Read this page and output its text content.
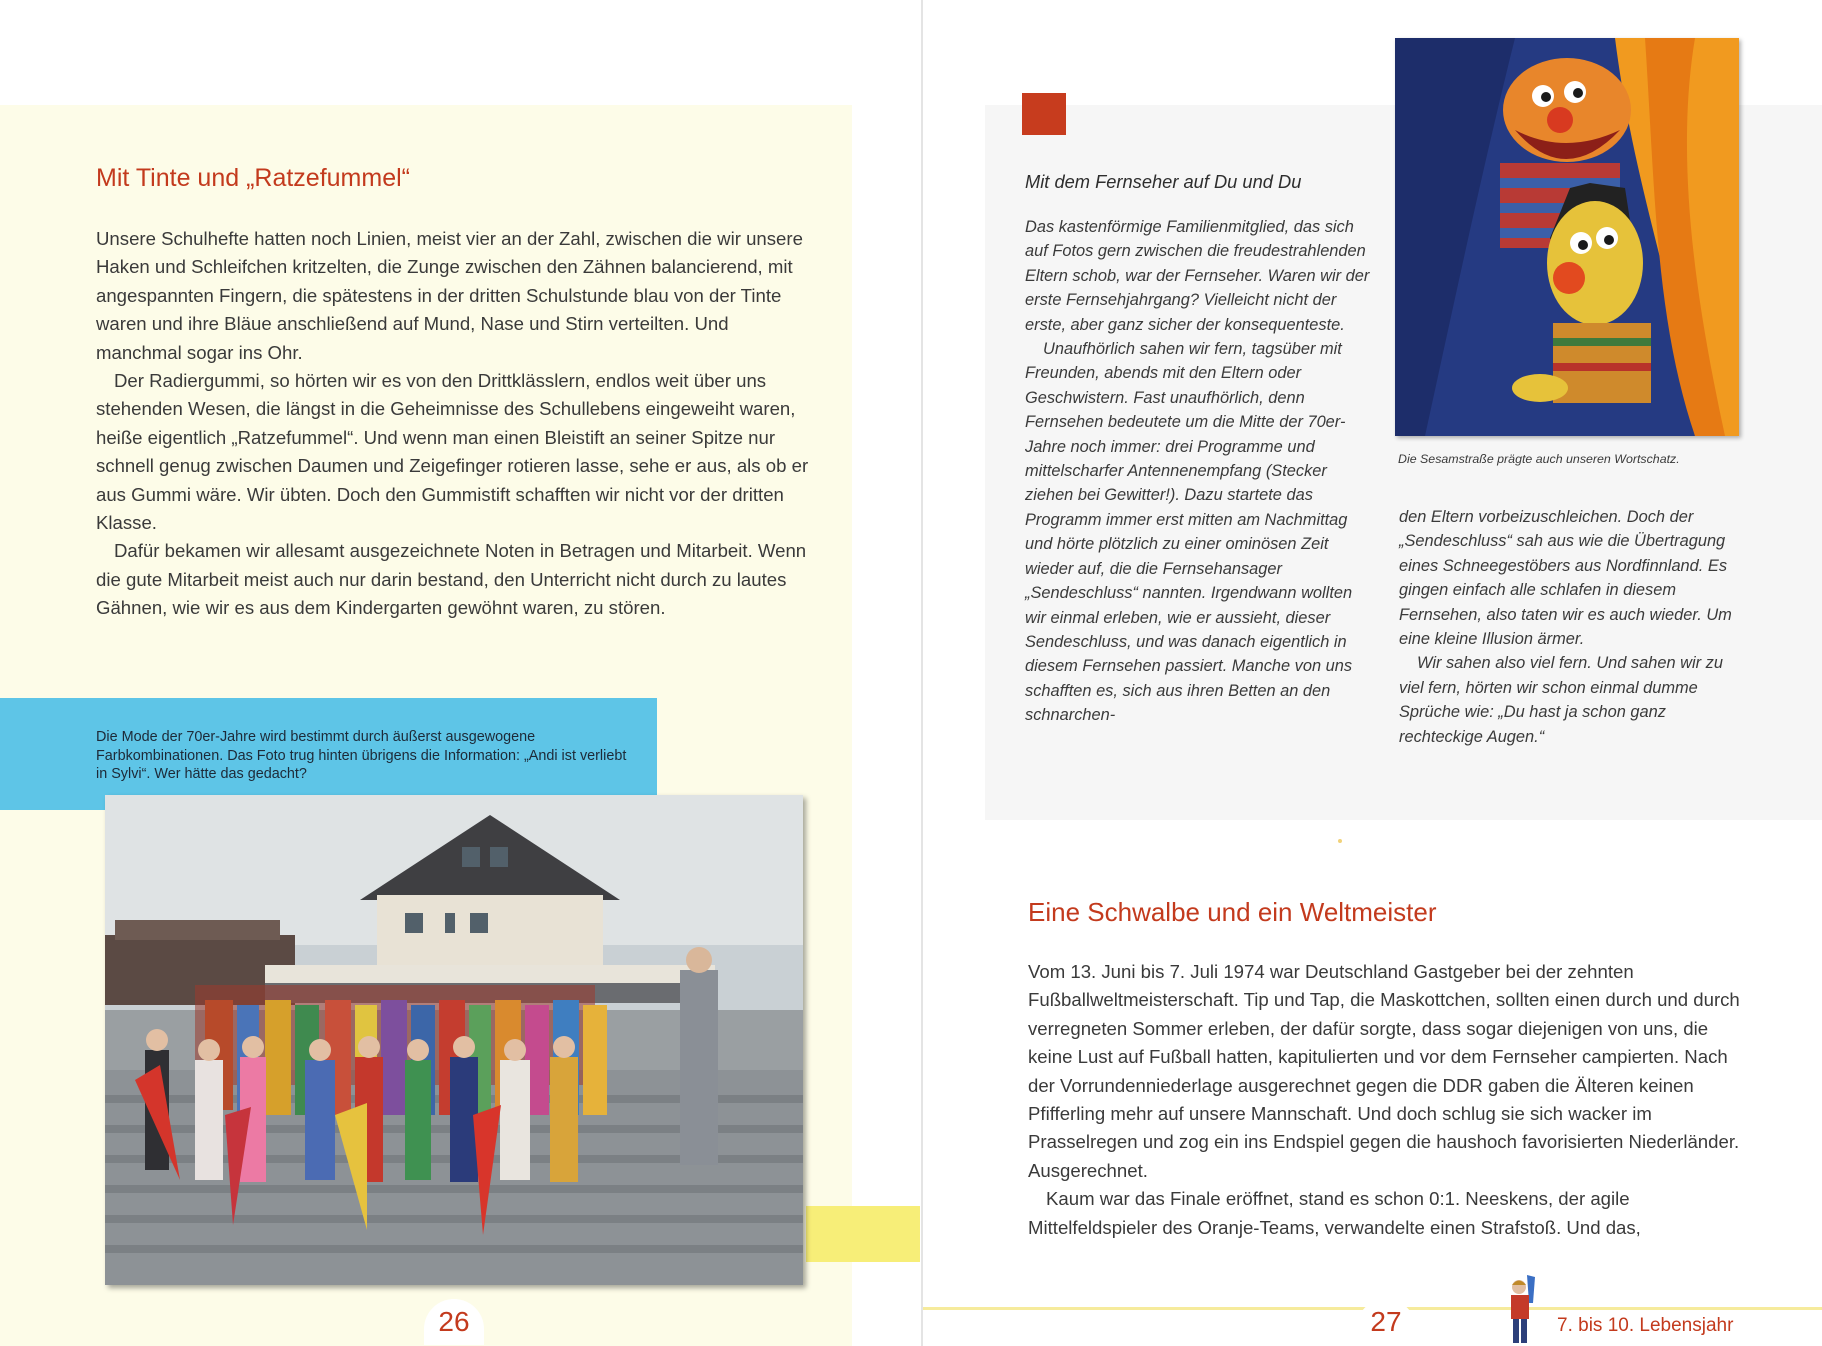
Mit Tinte und „Ratzefummel“

Unsere Schulhefte hatten noch Linien, meist vier an der Zahl, zwischen die wir unsere Haken und Schleifchen kritzelten, die Zunge zwischen den Zähnen balancierend, mit angespannten Fingern, die spätestens in der dritten Schulstunde blau von der Tinte waren und ihre Bläue anschließend auf Mund, Nase und Stirn verteilten. Und manchmal sogar ins Ohr.

Der Radiergummi, so hörten wir es von den Drittklässlern, endlos weit über uns stehenden Wesen, die längst in die Geheimnisse des Schullebens eingeweiht waren, heiße eigentlich „Ratzefummel“. Und wenn man einen Bleistift an seiner Spitze nur schnell genug zwischen Daumen und Zeigefinger rotieren lasse, sehe er aus, als ob er aus Gummi wäre. Wir übten. Doch den Gummistift schafften wir nicht vor der dritten Klasse.

Dafür bekamen wir allesamt ausgezeichnete Noten in Betragen und Mitarbeit. Wenn die gute Mitarbeit meist auch nur darin bestand, den Unterricht nicht durch zu lautes Gähnen, wie wir es aus dem Kindergarten gewöhnt waren, zu stören.

Die Mode der 70er-Jahre wird bestimmt durch äußerst ausgewogene Farbkombinationen. Das Foto trug hinten übrigens die Information: „Andi ist verliebt in Sylvi“. Wer hätte das gedacht?
Mit dem Fernseher auf Du und Du

Das kastenförmige Familienmitglied, das sich auf Fotos gern zwischen die freudestrahlenden Eltern schob, war der Fernseher. Waren wir der erste Fernsehjahrgang? Vielleicht nicht der erste, aber ganz sicher der konsequenteste.

Unaufhörlich sahen wir fern, tagsüber mit Freunden, abends mit den Eltern oder Geschwistern. Fast unaufhörlich, denn Fernsehen bedeutete um die Mitte der 70er-Jahre noch immer: drei Programme und mittelscharfer Antennenempfang (Stecker ziehen bei Gewitter!). Dazu startete das Programm immer erst mitten am Nachmittag und hörte plötzlich zu einer ominösen Zeit wieder auf, die die Fernsehansager „Sendeschluss“ nannten. Irgendwann wollten wir einmal erleben, wie er aussieht, dieser Sendeschluss, und was danach eigentlich in diesem Fernsehen passiert. Manche von uns schafften es, sich aus ihren Betten an den schnarchen-

den Eltern vorbeizuschleichen. Doch der „Sendeschluss“ sah aus wie die Übertragung eines Schneegestöbers aus Nordfinnland. Es gingen einfach alle schlafen in diesem Fernsehen, also taten wir es auch wieder. Um eine kleine Illusion ärmer.

Wir sahen also viel fern. Und sahen wir zu viel fern, hörten wir schon einmal dumme Sprüche wie: „Du hast ja schon ganz rechteckige Augen.“

Die Sesamstraße prägte auch unseren Wortschatz.
Eine Schwalbe und ein Weltmeister

Vom 13. Juni bis 7. Juli 1974 war Deutschland Gastgeber bei der zehnten Fußballweltmeisterschaft. Tip und Tap, die Maskottchen, sollten einen durch und durch verregneten Sommer erleben, der dafür sorgte, dass sogar diejenigen von uns, die keine Lust auf Fußball hatten, kapitulierten und vor dem Fernseher campierten. Nach der Vorrundenniederlage ausgerechnet gegen die DDR gaben die Älteren keinen Pfifferling mehr auf unsere Mannschaft. Und doch schlug sie sich wacker im Prasselregen und zog ein ins Endspiel gegen die haushoch favorisierten Niederländer. Ausgerechnet.

Kaum war das Finale eröffnet, stand es schon 0:1. Neeskens, der agile Mittelfeldspieler des Oranje-Teams, verwandelte einen Strafstoß. Und das,

26	27	7. bis 10. Lebensjahr
